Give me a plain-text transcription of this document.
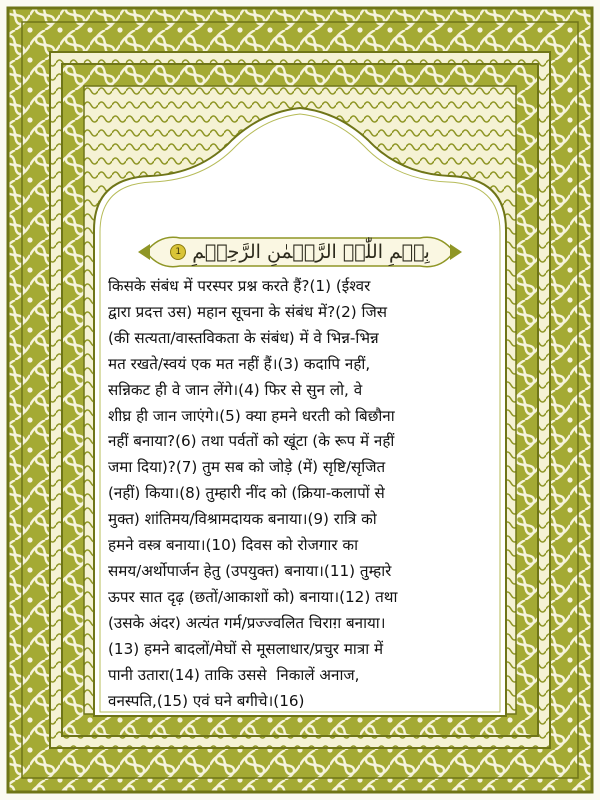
1 بِسۡمِ اللّٰہِ الرَّحۡمٰنِ الرَّحِیۡمِ
किसके संबंध में परस्पर प्रश्न करते हैं?(1) (ईश्वर
द्वारा प्रदत्त उस) महान सूचना के संबंध में?(2) जिस
(की सत्यता/वास्तविकता के संबंध) में वे भिन्न-भिन्न
मत रखते/स्वयं एक मत नहीं हैं।(3) कदापि नहीं,
सन्निकट ही वे जान लेंगे।(4) फिर से सुन लो, वे
शीघ्र ही जान जाएंगे।(5) क्या हमने धरती को बिछौना
नहीं बनाया?(6) तथा पर्वतों को खूंटा (के रूप में नहीं
जमा दिया)?(7) तुम सब को जोड़े (में) सृष्टि/सृजित
(नहीं) किया।(8) तुम्हारी नींद को (क्रिया-कलापों से
मुक्त) शांतिमय/विश्रामदायक बनाया।(9) रात्रि को
हमने वस्त्र बनाया।(10) दिवस को रोजगार का
समय/अर्थोपार्जन हेतु (उपयुक्त) बनाया।(11) तुम्हारे
ऊपर सात दृढ़ (छतों/आकाशों को) बनाया।(12) तथा
(उसके अंदर) अत्यंत गर्म/प्रज्ज्वलित चिराग़ बनाया।
(13) हमने बादलों/मेघों से मूसलाधार/प्रचुर मात्रा में
पानी उतारा(14) ताकि उससे  निकालें अनाज,
वनस्पति,(15) एवं घने बगीचे।(16)
